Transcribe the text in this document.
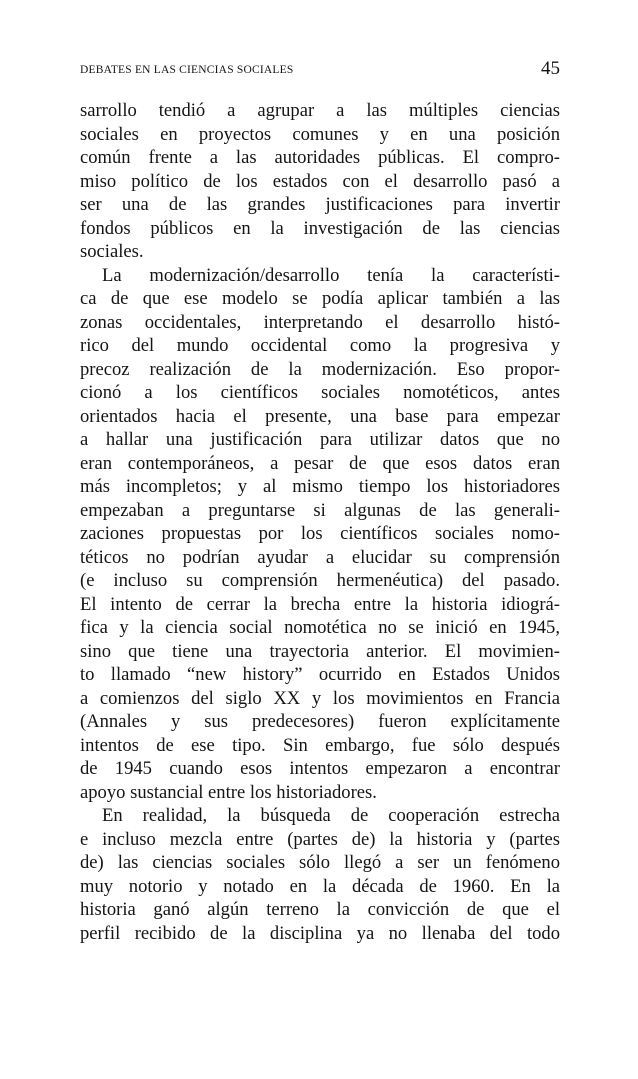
DEBATES EN LAS CIENCIAS SOCIALES	45
sarrollo tendió a agrupar a las múltiples ciencias
sociales en proyectos comunes y en una posición
común frente a las autoridades públicas. El compro-
miso político de los estados con el desarrollo pasó a
ser una de las grandes justificaciones para invertir
fondos públicos en la investigación de las ciencias
sociales.
La modernización/desarrollo tenía la característi-
ca de que ese modelo se podía aplicar también a las
zonas occidentales, interpretando el desarrollo histó-
rico del mundo occidental como la progresiva y
precoz realización de la modernización. Eso propor-
cionó a los científicos sociales nomotéticos, antes
orientados hacia el presente, una base para empezar
a hallar una justificación para utilizar datos que no
eran contemporáneos, a pesar de que esos datos eran
más incompletos; y al mismo tiempo los historiadores
empezaban a preguntarse si algunas de las generali-
zaciones propuestas por los científicos sociales nomo-
téticos no podrían ayudar a elucidar su comprensión
(e incluso su comprensión hermenéutica) del pasado.
El intento de cerrar la brecha entre la historia idiográ-
fica y la ciencia social nomotética no se inició en 1945,
sino que tiene una trayectoria anterior. El movimien-
to llamado “new history” ocurrido en Estados Unidos
a comienzos del siglo XX y los movimientos en Francia
(Annales y sus predecesores) fueron explícitamente
intentos de ese tipo. Sin embargo, fue sólo después
de 1945 cuando esos intentos empezaron a encontrar
apoyo sustancial entre los historiadores.
En realidad, la búsqueda de cooperación estrecha
e incluso mezcla entre (partes de) la historia y (partes
de) las ciencias sociales sólo llegó a ser un fenómeno
muy notorio y notado en la década de 1960. En la
historia ganó algún terreno la convicción de que el
perfil recibido de la disciplina ya no llenaba del todo
